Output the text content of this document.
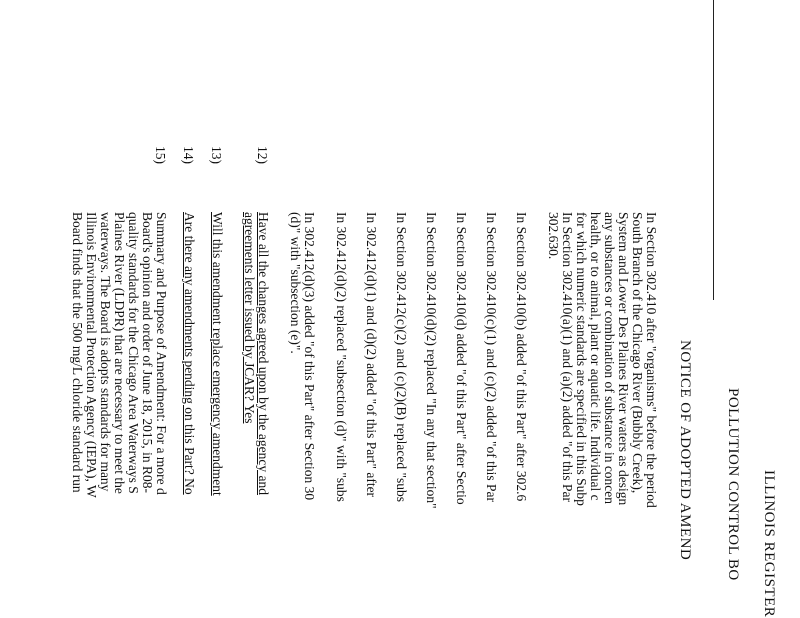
ILLINOIS REGISTER
POLLUTION CONTROL BO
NOTICE OF ADOPTED AMEND
In Section 302.410 after "organisms" before the period
South Branch of the Chicago River (Bubbly Creek),
System and Lower Des Plaines River waters as design
any substances or combination of substance in concen
health, or to animal, plant or aquatic life. Individual c
for which numeric standards are specified in this Subp
In Section 302.410(a)(1) and (a)(2) added "of this Par
302.630.
In Section 302.410(b) added "of this Part" after 302.6
In Section 302.410(c)(1) and (c)(2) added "of this Par
In Section 302.410(d) added "of this Part" after Sectio
In Section 302.410(d)(2) replaced "In any that section"
In Section 302.412(c)(2) and (c)(2)(B) replaced "subs
In 302.412(d)(1) and (d)(2) added "of this Part" after
In 302.412(d)(2) replaced "subsection (d)" with "subs
In 302.412(d)(3) added "of this Part" after Section 30
(d)" with "subsection (e)".
12)
Have all the changes agreed upon by the agency and
agreements letter issued by JCAR? Yes
13)
Will this amendment replace emergency amendment
14)
Are there any amendments pending on this Part? No
15)
Summary and Purpose of Amendment: For a more d
Board's opinion and order of June 18, 2015, in R08-
quality standards for the Chicago Area Waterways S
Plaines River (LDPR) that are necessary to meet the
waterways. The Board is adopts standards for many
Illinois Environmental Protection Agency (IEPA), W
Board finds that the 500 mg/L chloride standard run
